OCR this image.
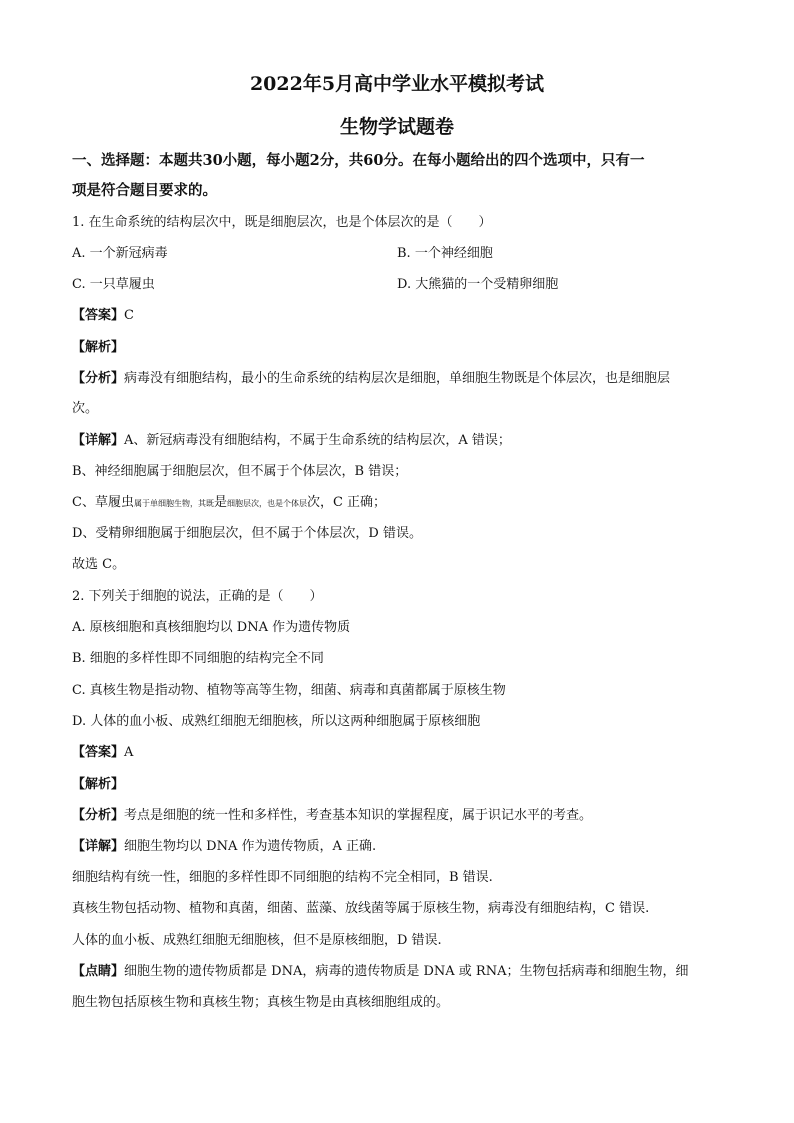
2022年5月高中学业水平模拟考试
生物学试题卷
一、选择题：本题共30小题，每小题2分，共60分。在每小题给出的四个选项中，只有一
项是符合题目要求的。
1. 在生命系统的结构层次中，既是细胞层次，也是个体层次的是（　　）
A. 一个新冠病毒	B. 一个神经细胞
C. 一只草履虫	D. 大熊猫的一个受精卵细胞
【答案】C
【解析】
【分析】病毒没有细胞结构，最小的生命系统的结构层次是细胞，单细胞生物既是个体层次，也是细胞层
次。
【详解】A、新冠病毒没有细胞结构，不属于生命系统的结构层次，A 错误；
B、神经细胞属于细胞层次，但不属于个体层次，B 错误；
C、草履虫属于单细胞生物，其既是细胞层次，也是个体层次，C 正确；
D、受精卵细胞属于细胞层次，但不属于个体层次，D 错误。
故选 C。
2. 下列关于细胞的说法，正确的是（　　）
A. 原核细胞和真核细胞均以 DNA 作为遗传物质
B. 细胞的多样性即不同细胞的结构完全不同
C. 真核生物是指动物、植物等高等生物，细菌、病毒和真菌都属于原核生物
D. 人体的血小板、成熟红细胞无细胞核，所以这两种细胞属于原核细胞
【答案】A
【解析】
【分析】考点是细胞的统一性和多样性，考查基本知识的掌握程度，属于识记水平的考查。
【详解】细胞生物均以 DNA 作为遗传物质，A 正确.
细胞结构有统一性，细胞的多样性即不同细胞的结构不完全相同，B 错误.
真核生物包括动物、植物和真菌，细菌、蓝藻、放线菌等属于原核生物，病毒没有细胞结构，C 错误.
人体的血小板、成熟红细胞无细胞核，但不是原核细胞，D 错误.
【点睛】细胞生物的遗传物质都是 DNA，病毒的遗传物质是 DNA 或 RNA；生物包括病毒和细胞生物，细
胞生物包括原核生物和真核生物；真核生物是由真核细胞组成的。
